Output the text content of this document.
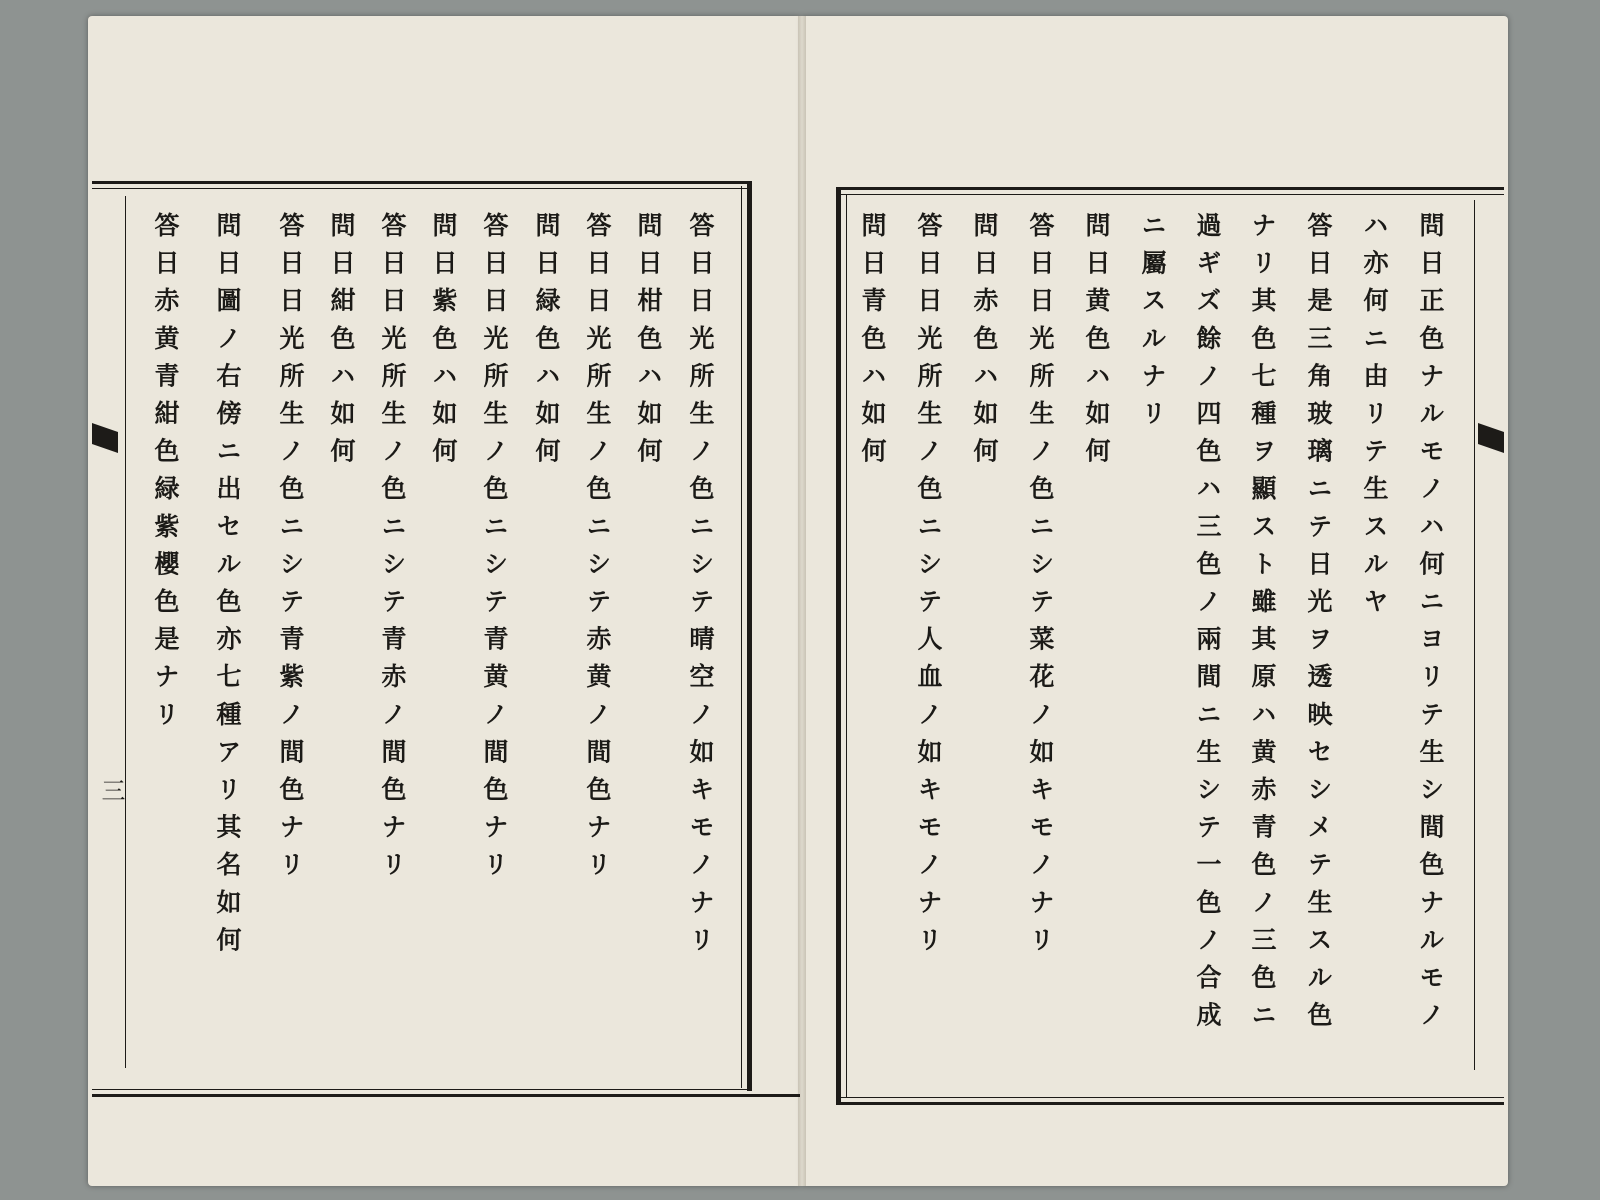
三	答日日光所生ノ色ニシテ晴空ノ如キモノナリ
問日柑色ハ如何
答日日光所生ノ色ニシテ赤黄ノ間色ナリ
問日緑色ハ如何
答日日光所生ノ色ニシテ青黄ノ間色ナリ
問日紫色ハ如何
答日日光所生ノ色ニシテ青赤ノ間色ナリ
問日紺色ハ如何
答日日光所生ノ色ニシテ青紫ノ間色ナリ
問日圖ノ右傍ニ出セル色亦七種アリ其名如何
答日赤黄青紺色緑紫櫻色是ナリ	問日正色ナルモノハ何ニヨリテ生シ間色ナルモノ
ハ亦何ニ由リテ生スルヤ
答日是三角玻璃ニテ日光ヲ透映セシメテ生スル色
ナリ其色七種ヲ顯スト雖其原ハ黄赤青色ノ三色ニ
過ギズ餘ノ四色ハ三色ノ兩間ニ生シテ一色ノ合成
ニ屬スルナリ
問日黄色ハ如何
答日日光所生ノ色ニシテ菜花ノ如キモノナリ
問日赤色ハ如何
答日日光所生ノ色ニシテ人血ノ如キモノナリ
問日青色ハ如何
